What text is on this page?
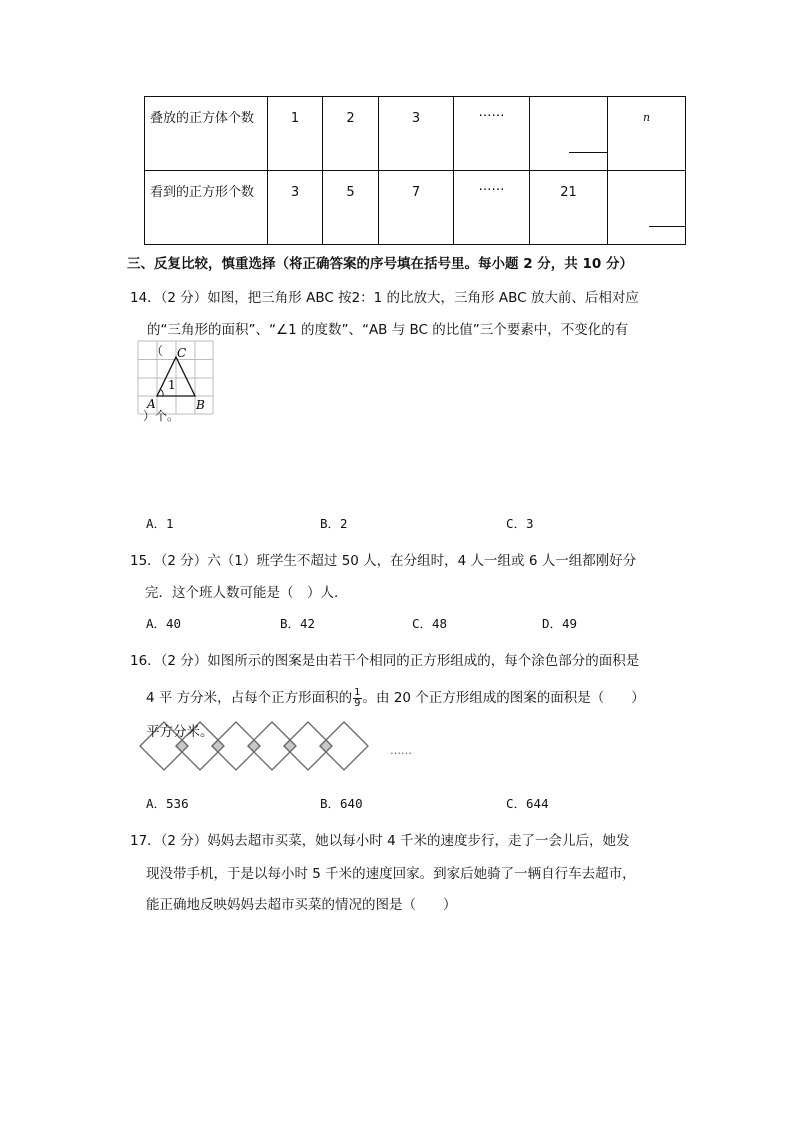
叠放的正方体个数	1	2	3	……		n

看到的正方形个数	3	5	7	……	21	

三、反复比较，慎重选择（将正确答案的序号填在括号里。每小题 2 分，共 10 分）
14．（2 分）如图，把三角形 ABC 按2：1 的比放大，三角形 ABC 放大前、后相对应
的“三角形的面积”、“∠1 的度数”、“AB 与 BC 的比值”三个要素中，不变化的有
C
1
A	B
（
）个。
A．1	B．2	C．3
15．（2 分）六（1）班学生不超过 50 人，在分组时，4 人一组或 6 人一组都刚好分
完．这个班人数可能是（　）人．
A．40	B．42	C．48	D．49
16．（2 分）如图所示的图案是由若干个相同的正方形组成的，每个涂色部分的面积是
4 平 方分米，占每个正方形面积的 $\frac{1}{9}$ 。由 20 个正方形组成的图案的面积是（　　）
……
平方分米。
A．536	B．640	C．644
17．（2 分）妈妈去超市买菜，她以每小时 4 千米的速度步行，走了一会儿后，她发
现没带手机，于是以每小时 5 千米的速度回家。到家后她骑了一辆自行车去超市，
能正确地反映妈妈去超市买菜的情况的图是（　　）
